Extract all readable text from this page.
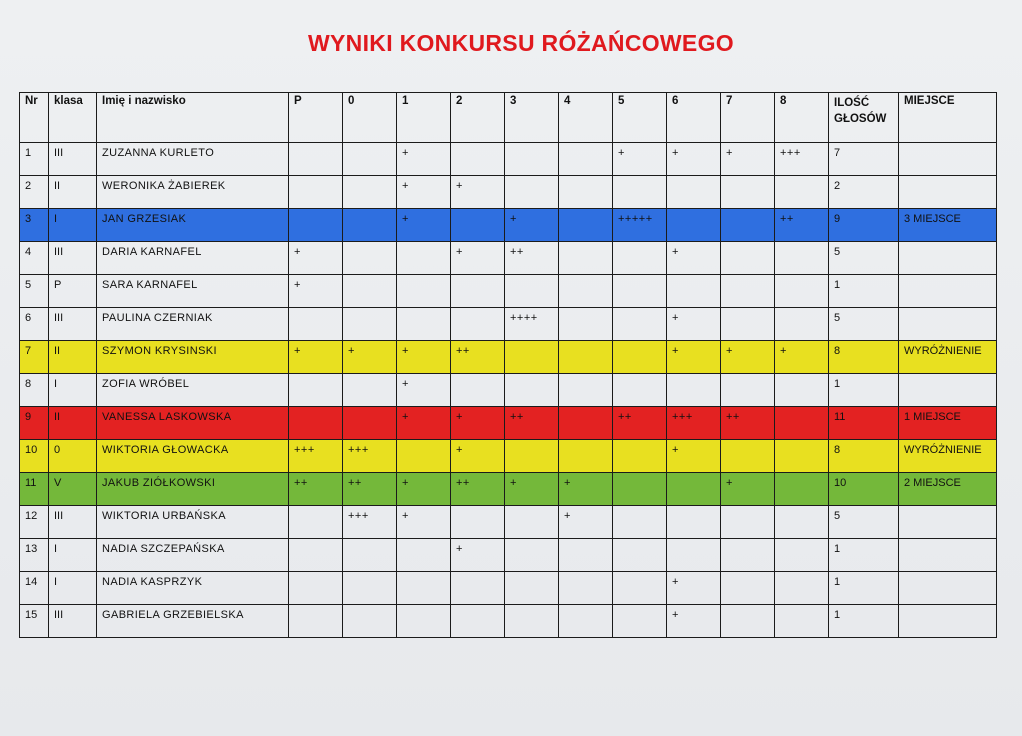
WYNIKI KONKURSU RÓŻAŃCOWEGO
Nr	klasa	Imię i nazwisko	P	0	1	2	3	4	5	6	7	8	ILOŚĆ GŁOSÓW	MIEJSCE
1	III	ZUZANNA KURLETO			+				+	+	+	+++	7	
2	II	WERONIKA ŻABIEREK			+	+							2	
3	I	JAN GRZESIAK			+		+		+++++			++	9	3 MIEJSCE
4	III	DARIA KARNAFEL	+			+	++			+			5	
5	P	SARA KARNAFEL	+										1	
6	III	PAULINA CZERNIAK					++++			+			5	
7	II	SZYMON KRYSINSKI	+	+	+	++				+	+	+	8	WYRÓŻNIENIE
8	I	ZOFIA WRÓBEL			+								1	
9	II	VANESSA LASKOWSKA			+	+	++		++	+++	++		11	1 MIEJSCE
10	0	WIKTORIA GŁOWACKA	+++	+++		+				+			8	WYRÓŻNIENIE
11	V	JAKUB ZIÓŁKOWSKI	++	++	+	++	+	+			+		10	2 MIEJSCE
12	III	WIKTORIA URBAŃSKA		+++	+			+					5	
13	I	NADIA SZCZEPAŃSKA				+							1	
14	I	NADIA KASPRZYK								+			1	
15	III	GABRIELA GRZEBIELSKA								+			1	
